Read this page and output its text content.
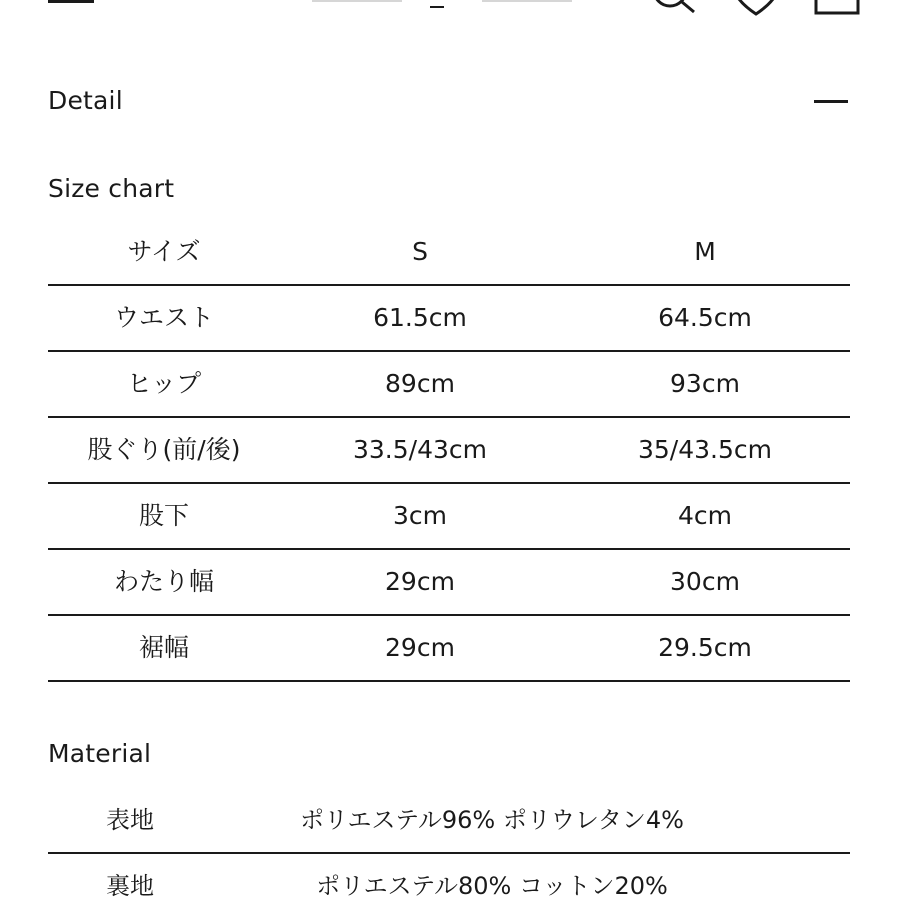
Detail
Size chart
サイズ	S	M
ウエスト	61.5cm	64.5cm
ヒップ	89cm	93cm
股ぐり(前/後)	33.5/43cm	35/43.5cm
股下	3cm	4cm
わたり幅	29cm	30cm
裾幅	29cm	29.5cm
Material
表地	ポリエステル96% ポリウレタン4%
裏地	ポリエステル80% コットン20%
